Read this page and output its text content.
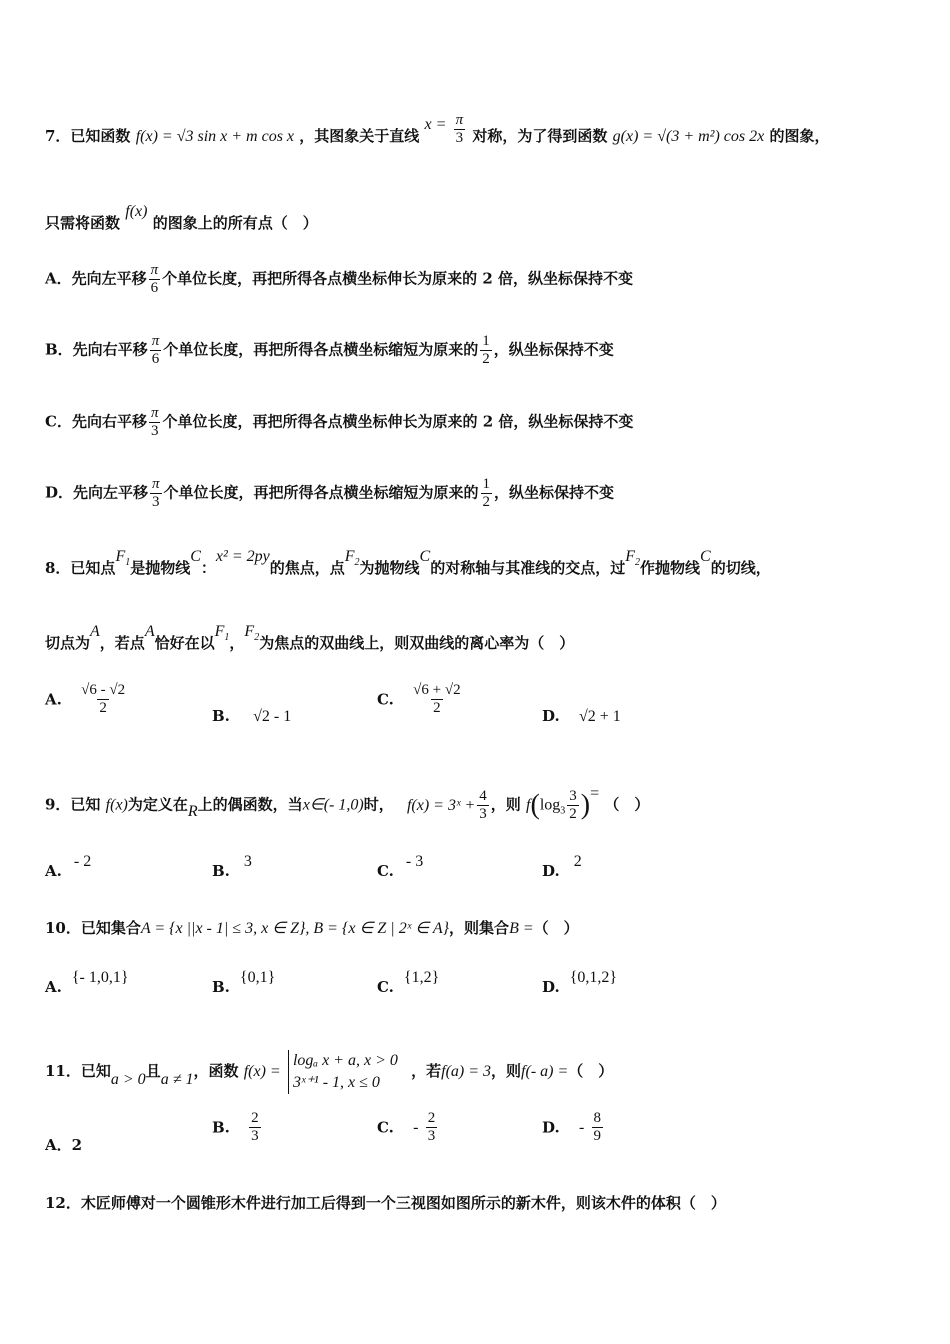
7．已知函数 f(x) = √3 sin x + m cos x ，其图象关于直线 $x = \frac{\pi}{3}$ 对称，为了得到函数 g(x) = √(3 + m²) cos 2x 的图象，
只需将函数 f(x) 的图象上的所有点（　）
A．先向左平移 $\frac{\pi}{6}$ 个单位长度，再把所得各点横坐标伸长为原来的 2 倍，纵坐标保持不变
B．先向右平移 $\frac{\pi}{6}$ 个单位长度，再把所得各点横坐标缩短为原来的 $\frac{1}{2}$ ，纵坐标保持不变
C．先向右平移 $\frac{\pi}{3}$ 个单位长度，再把所得各点横坐标伸长为原来的 2 倍，纵坐标保持不变
D．先向左平移 $\frac{\pi}{3}$ 个单位长度，再把所得各点横坐标缩短为原来的 $\frac{1}{2}$ ，纵坐标保持不变
8．已知点$F_1$是抛物线C：x² = 2py的焦点，点$F_2$为抛物线C的对称轴与其准线的交点，过$F_2$作抛物线C的切线，
切点为A，若点A恰好在以$F_1$，$F_2$为焦点的双曲线上，则双曲线的离心率为（　）
A. $\frac{√6 - √2}{2}$	B. √2 - 1
C. $\frac{√6 + √2}{2}$	D. √2 + 1
9．已知 f(x)为定义在R上的偶函数，当x∈(- 1,0)时， f(x) = 3ˣ + $\frac{4}{3}$ ，则 $f(\log_3 \frac{3}{2}$ )= （　）
A.- 2
B.3
C.- 3
D.2
10．已知集合A = {x ||x - 1| ≤ 3, x ∈ Z}, B = {x ∈ Z | 2ˣ ∈ A}，则集合B =（　）
A.{- 1,0,1}
B.{0,1}
C.{1,2}
D.{0,1,2}
11．已知a > 0且a ≠ 1，函数 f(x) =
logₐ x + a, x > 0
3ˣ⁺¹ - 1, x ≤ 0
，若f(a) = 3，则f(- a) =（　）
A．2
B. $\frac{2}{3}$	C. - $\frac{2}{3}$	D. - $\frac{8}{9}$
12．木匠师傅对一个圆锥形木件进行加工后得到一个三视图如图所示的新木件，则该木件的体积（　）
